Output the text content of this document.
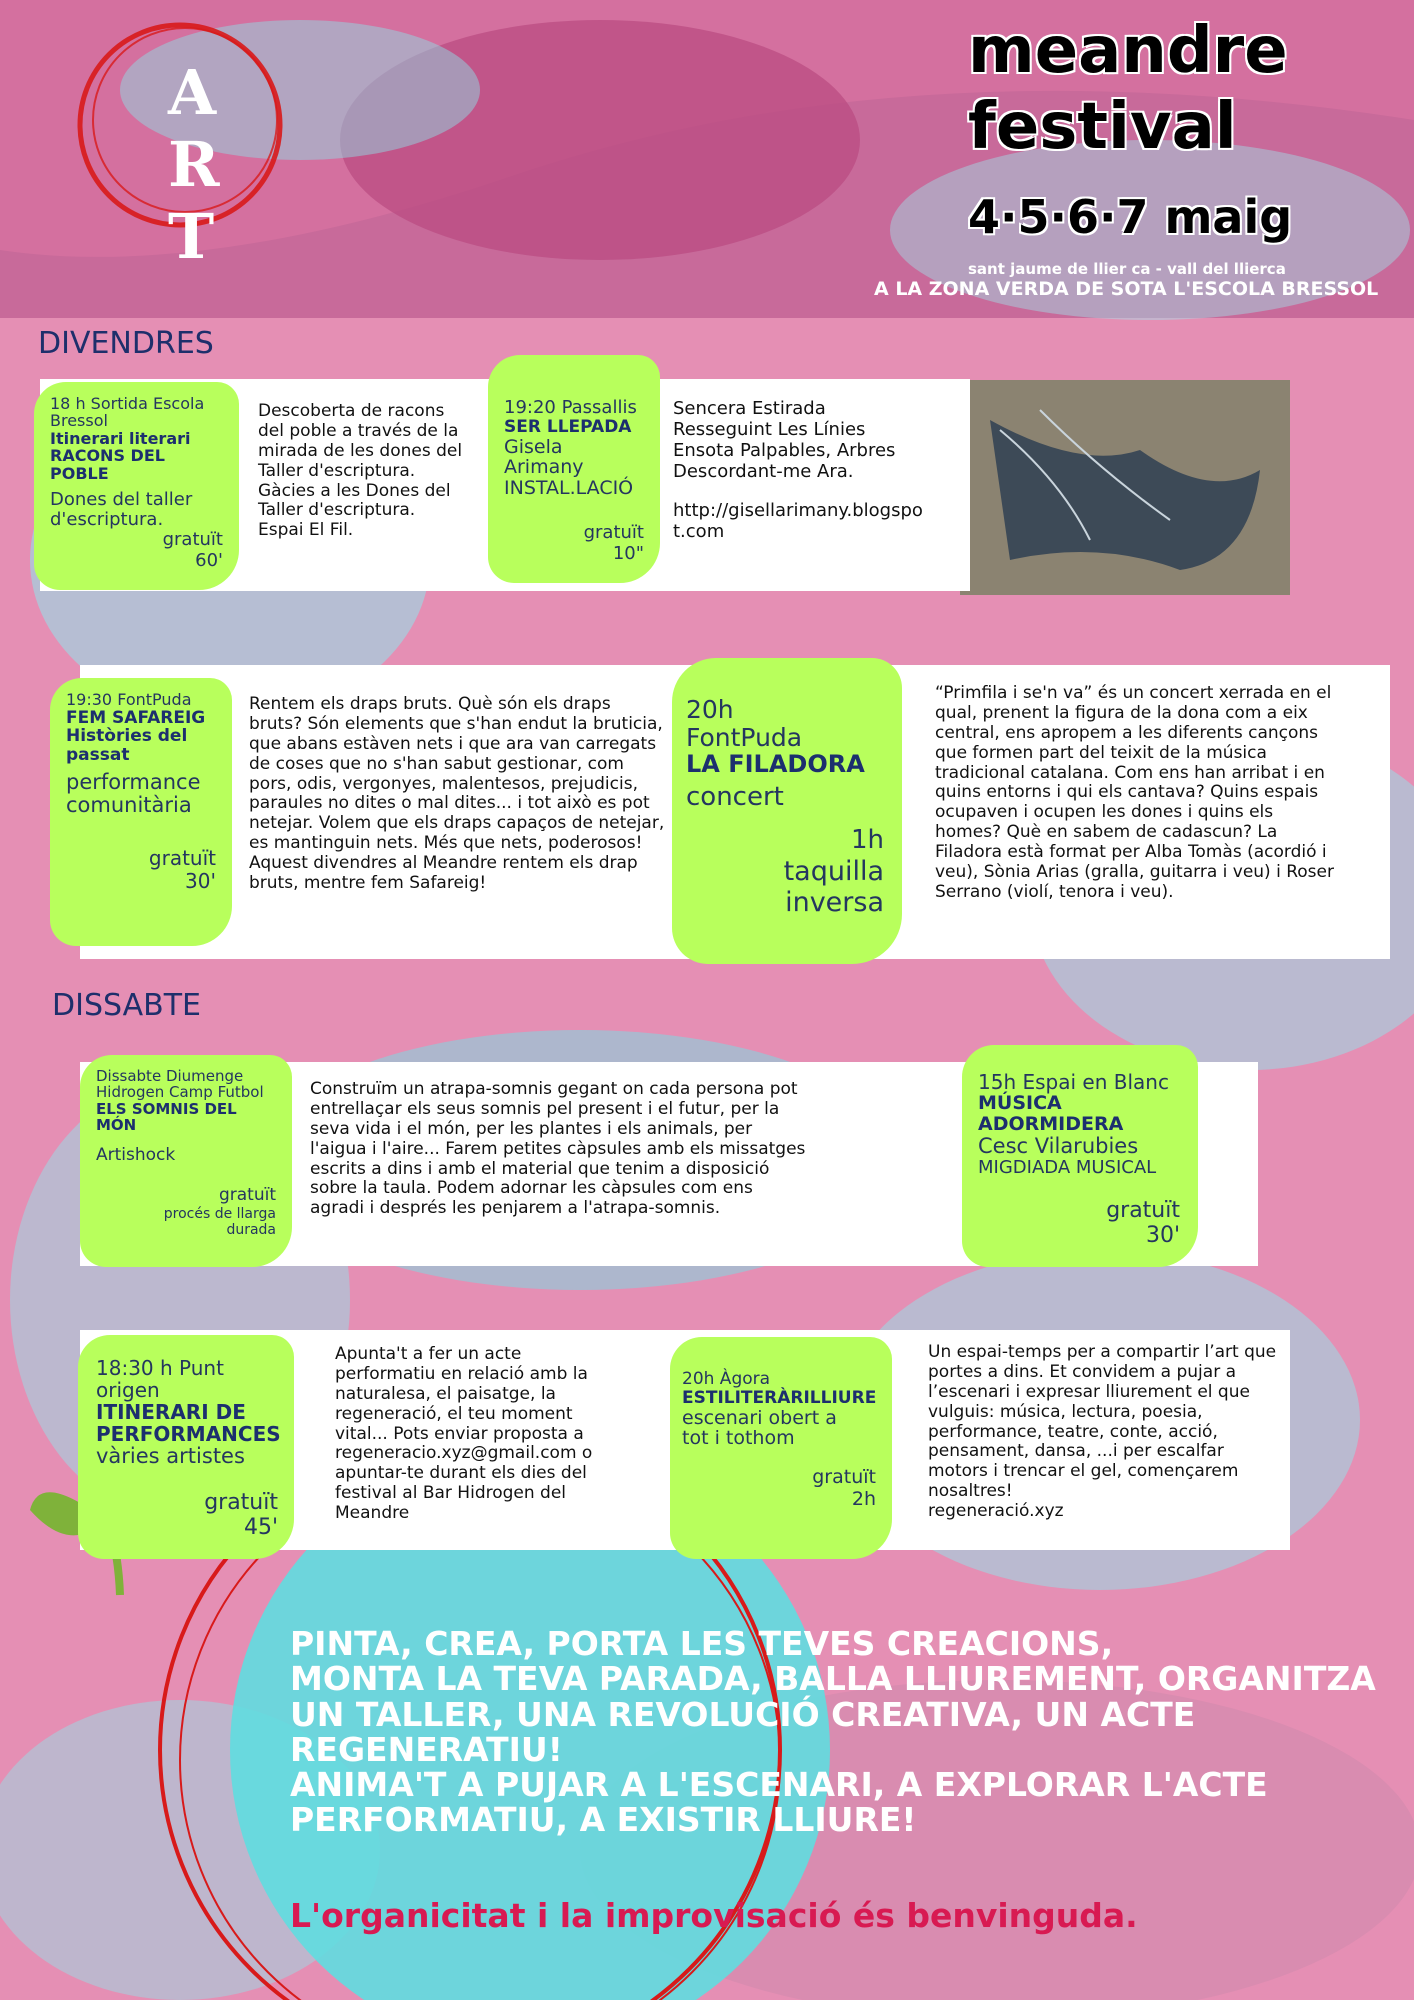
A
R
T
meandre
festival
4·5·6·7 maig
sant jaume de llier ca - vall del llierca
A LA ZONA VERDA DE SOTA L'ESCOLA BRESSOL
DIVENDRES
18 h Sortida Escola Bressol
Itinerari literari RACONS DEL POBLE
Dones del taller d'escriptura.
gratuït
60'
Descoberta de racons del poble a través de la mirada de les dones del Taller d'escriptura. Gàcies a les Dones del Taller d'escriptura. Espai El Fil.
19:20 Passallis
SER LLEPADA
Gisela Arimany INSTAL.LACIÓ
gratuït
10"
Sencera Estirada Resseguint Les Línies Ensota Palpables, Arbres Descordant-me Ara.
http://gisellarimany.blogspot.com
19:30 FontPuda
FEM SAFAREIG Històries del passat
performance comunitària
gratuït
30'
Rentem els draps bruts. Què són els draps bruts? Són elements que s'han endut la bruticia, que abans estàven nets i que ara van carregats de coses que no s'han sabut gestionar, com pors, odis, vergonyes, malentesos, prejudicis, paraules no dites o mal dites... i tot això es pot netejar. Volem que els draps capaços de netejar, es mantinguin nets. Més que nets, poderosos! Aquest divendres al Meandre rentem els drap bruts, mentre fem Safareig!
20h FontPuda
LA FILADORA
concert
1h
taquilla inversa
“Primfila i se'n va” és un concert xerrada en el qual, prenent la figura de la dona com a eix central, ens apropem a les diferents cançons que formen part del teixit de la música tradicional catalana. Com ens han arribat i en quins entorns i qui els cantava? Quins espais ocupaven i ocupen les dones i quins els homes? Què en sabem de cadascun? La Filadora està format per Alba Tomàs (acordió i veu), Sònia Arias (gralla, guitarra i veu) i Roser Serrano (violí, tenora i veu).
DISSABTE
Dissabte Diumenge Hidrogen Camp Futbol
ELS SOMNIS DEL MÓN
Artishock
gratuït
procés de llarga durada
Construïm un atrapa-somnis gegant on cada persona pot entrellaçar els seus somnis pel present i el futur, per la seva vida i el món, per les plantes i els animals, per l'aigua i l'aire... Farem petites càpsules amb els missatges escrits a dins i amb el material que tenim a disposició sobre la taula. Podem adornar les càpsules com ens agradi i després les penjarem a l'atrapa-somnis.
15h Espai en Blanc
MÚSICA ADORMIDERA
Cesc Vilarubies
MIGDIADA MUSICAL
gratuït
30'
18:30 h Punt origen
ITINERARI DE PERFORMANCES
vàries artistes
gratuït
45'
Apunta't a fer un acte performatiu en relació amb la naturalesa, el paisatge, la regeneració, el teu moment vital... Pots enviar proposta a regeneracio.xyz@gmail.com o apuntar-te durant els dies del festival al Bar Hidrogen del Meandre
20h Àgora
ESTILITERÀRILLIURE
escenari obert a tot i tothom
gratuït
2h
Un espai-temps per a compartir l’art que portes a dins. Et convidem a pujar a l’escenari i expresar lliurement el que vulguis: música, lectura, poesia, performance, teatre, conte, acció, pensament, dansa, ...i per escalfar motors i trencar el gel, començarem nosaltres!
regeneració.xyz
PINTA, CREA, PORTA LES TEVES CREACIONS,
MONTA LA TEVA PARADA, BALLA LLIUREMENT, ORGANITZA
UN TALLER, UNA REVOLUCIÓ CREATIVA, UN ACTE
REGENERATIU!
ANIMA'T A PUJAR A L'ESCENARI, A EXPLORAR L'ACTE
PERFORMATIU, A EXISTIR LLIURE!
L'organicitat i la improvisació és benvinguda.
